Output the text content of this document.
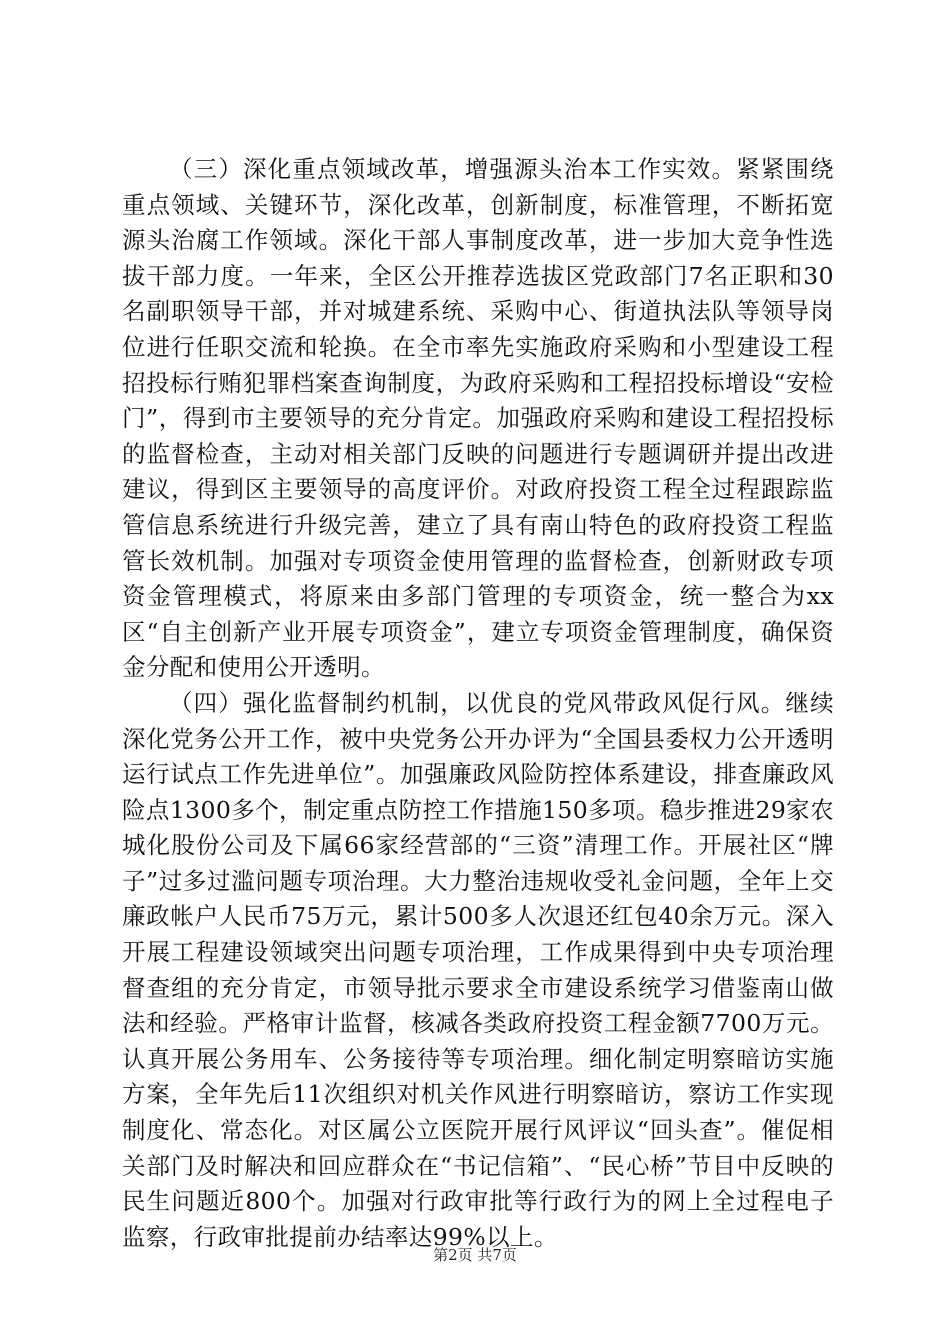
（三）深化重点领域改革，增强源头治本工作实效。紧紧围绕重点领域、关键环节，深化改革，创新制度，标准管理，不断拓宽源头治腐工作领域。深化干部人事制度改革，进一步加大竞争性选拔干部力度。一年来，全区公开推荐选拔区党政部门7名正职和30名副职领导干部，并对城建系统、采购中心、街道执法队等领导岗位进行任职交流和轮换。在全市率先实施政府采购和小型建设工程招投标行贿犯罪档案查询制度，为政府采购和工程招投标增设“安检门”，得到市主要领导的充分肯定。加强政府采购和建设工程招投标的监督检查，主动对相关部门反映的问题进行专题调研并提出改进建议，得到区主要领导的高度评价。对政府投资工程全过程跟踪监管信息系统进行升级完善，建立了具有南山特色的政府投资工程监管长效机制。加强对专项资金使用管理的监督检查，创新财政专项资金管理模式，将原来由多部门管理的专项资金，统一整合为xx区“自主创新产业开展专项资金”，建立专项资金管理制度，确保资金分配和使用公开透明。

（四）强化监督制约机制，以优良的党风带政风促行风。继续深化党务公开工作，被中央党务公开办评为“全国县委权力公开透明运行试点工作先进单位”。加强廉政风险防控体系建设，排查廉政风险点1300多个，制定重点防控工作措施150多项。稳步推进29家农城化股份公司及下属66家经营部的“三资”清理工作。开展社区“牌子”过多过滥问题专项治理。大力整治违规收受礼金问题，全年上交廉政帐户人民币75万元，累计500多人次退还红包40余万元。深入开展工程建设领域突出问题专项治理，工作成果得到中央专项治理督查组的充分肯定，市领导批示要求全市建设系统学习借鉴南山做法和经验。严格审计监督，核减各类政府投资工程金额7700万元。认真开展公务用车、公务接待等专项治理。细化制定明察暗访实施方案，全年先后11次组织对机关作风进行明察暗访，察访工作实现制度化、常态化。对区属公立医院开展行风评议“回头查”。催促相关部门及时解决和回应群众在“书记信箱”、“民心桥”节目中反映的民生问题近800个。加强对行政审批等行政行为的网上全过程电子监察，行政审批提前办结率达99%以上。

第2页 共7页
